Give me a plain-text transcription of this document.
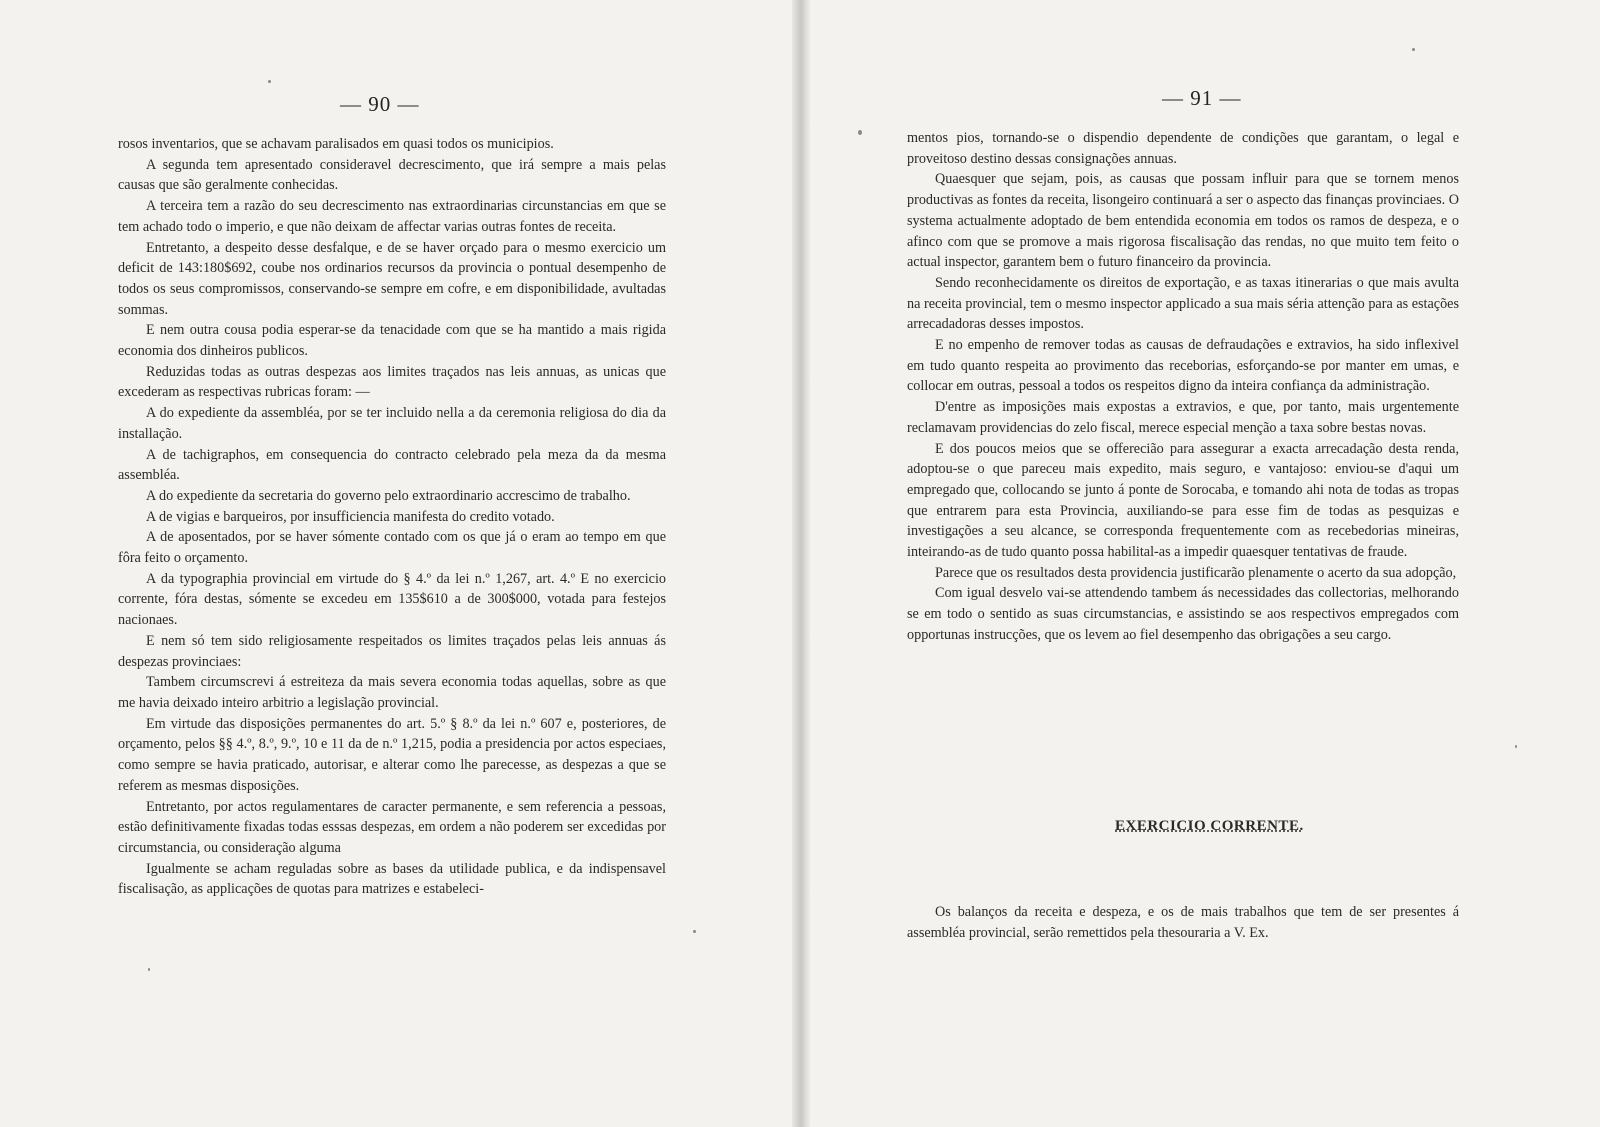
— 90 —

rosos inventarios, que se achavam paralisados em quasi todos os municipios.

A segunda tem apresentado consideravel decrescimento, que irá sempre a mais pelas causas que são geralmente conhecidas.

A terceira tem a razão do seu decrescimento nas extraordinarias circunstancias em que se tem achado todo o imperio, e que não deixam de affectar varias outras fontes de receita.

Entretanto, a despeito desse desfalque, e de se haver orçado para o mesmo exercicio um deficit de 143:180$692, coube nos ordinarios recursos da provincia o pontual desempenho de todos os seus compromissos, conservando-se sempre em cofre, e em disponibilidade, avultadas sommas.

E nem outra cousa podia esperar-se da tenacidade com que se ha mantido a mais rigida economia dos dinheiros publicos.

Reduzidas todas as outras despezas aos limites traçados nas leis annuas, as unicas que excederam as respectivas rubricas foram: —

A do expediente da assembléa, por se ter incluido nella a da ceremonia religiosa do dia da installação.

A de tachigraphos, em consequencia do contracto celebrado pela meza da da mesma assembléa.

A do expediente da secretaria do governo pelo extraordinario accrescimo de trabalho.

A de vigias e barqueiros, por insufficiencia manifesta do credito votado.

A de aposentados, por se haver sómente contado com os que já o eram ao tempo em que fôra feito o orçamento.

A da typographia provincial em virtude do § 4.º da lei n.º 1,267, art. 4.º E no exercicio corrente, fóra destas, sómente se excedeu em 135$610 a de 300$000, votada para festejos nacionaes.

E nem só tem sido religiosamente respeitados os limites traçados pelas leis annuas ás despezas provinciaes:

Tambem circumscrevi á estreiteza da mais severa economia todas aquellas, sobre as que me havia deixado inteiro arbitrio a legislação provincial.

Em virtude das disposições permanentes do art. 5.º § 8.º da lei n.º 607 e, posteriores, de orçamento, pelos §§ 4.º, 8.º, 9.º, 10 e 11 da de n.º 1,215, podia a presidencia por actos especiaes, como sempre se havia praticado, autorisar, e alterar como lhe parecesse, as despezas a que se referem as mesmas disposições.

Entretanto, por actos regulamentares de caracter permanente, e sem referencia a pessoas, estão definitivamente fixadas todas esssas despezas, em ordem a não poderem ser excedidas por circumstancia, ou consideração alguma

Igualmente se acham reguladas sobre as bases da utilidade publica, e da indispensavel fiscalisação, as applicações de quotas para matrizes e estabeleci-

— 91 —

mentos pios, tornando-se o dispendio dependente de condições que garantam, o legal e proveitoso destino dessas consignações annuas.

Quaesquer que sejam, pois, as causas que possam influir para que se tornem menos productivas as fontes da receita, lisongeiro continuará a ser o aspecto das finanças provinciaes. O systema actualmente adoptado de bem entendida economia em todos os ramos de despeza, e o afinco com que se promove a mais rigorosa fiscalisação das rendas, no que muito tem feito o actual inspector, garantem bem o futuro financeiro da provincia.

Sendo reconhecidamente os direitos de exportação, e as taxas itinerarias o que mais avulta na receita provincial, tem o mesmo inspector applicado a sua mais séria attenção para as estações arrecadadoras desses impostos.

E no empenho de remover todas as causas de defraudações e extravios, ha sido inflexivel em tudo quanto respeita ao provimento das receborias, esforçando-se por manter em umas, e collocar em outras, pessoal a todos os respeitos digno da inteira confiança da administração.

D'entre as imposições mais expostas a extravios, e que, por tanto, mais urgentemente reclamavam providencias do zelo fiscal, merece especial menção a taxa sobre bestas novas.

E dos poucos meios que se offerecião para assegurar a exacta arrecadação desta renda, adoptou-se o que pareceu mais expedito, mais seguro, e vantajoso: enviou-se d'aqui um empregado que, collocando se junto á ponte de Sorocaba, e tomando ahi nota de todas as tropas que entrarem para esta Provincia, auxiliando-se para esse fim de todas as pesquizas e investigações a seu alcance, se corresponda frequentemente com as recebedorias mineiras, inteirando-as de tudo quanto possa habilital-as a impedir quaesquer tentativas de fraude.

Parece que os resultados desta providencia justificarão plenamente o acerto da sua adopção,

Com igual desvelo vai-se attendendo tambem ás necessidades das collectorias, melhorando se em todo o sentido as suas circumstancias, e assistindo se aos respectivos empregados com opportunas instrucções, que os levem ao fiel desempenho das obrigações a seu cargo.

EXERCICIO CORRENTE.

Os balanços da receita e despeza, e os de mais trabalhos que tem de ser presentes á assembléa provincial, serão remettidos pela thesouraria a V. Ex.
